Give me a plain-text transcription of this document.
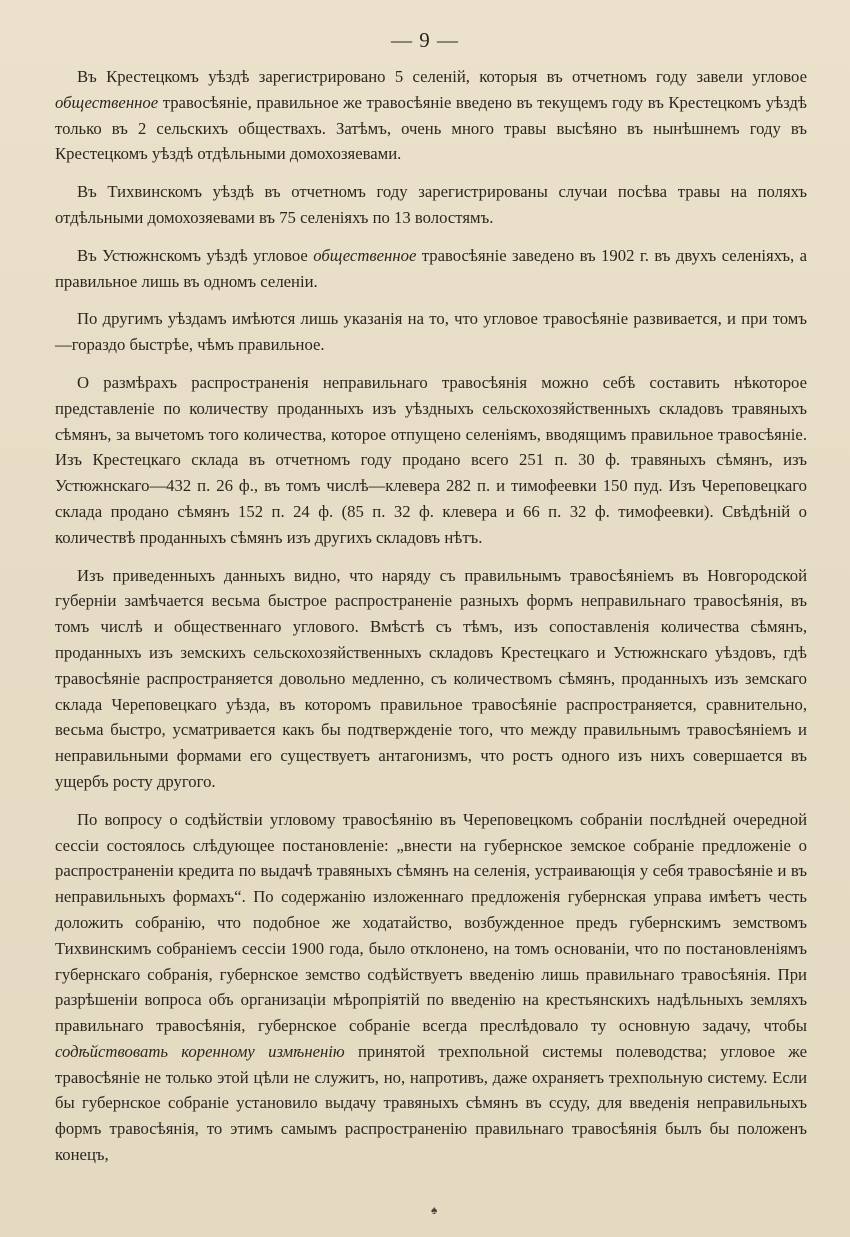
— 9 —

Въ Крестецкомъ уѣздѣ зарегистрировано 5 селеній, которыя въ отчетномъ году завели угловое общественное травосѣяніе, правильное же травосѣяніе введено въ текущемъ году въ Крестецкомъ уѣздѣ только въ 2 сельскихъ обществахъ. Затѣмъ, очень много травы высѣяно въ нынѣшнемъ году въ Крестецкомъ уѣздѣ отдѣльными домохозяевами.

Въ Тихвинскомъ уѣздѣ въ отчетномъ году зарегистрированы случаи посѣва травы на поляхъ отдѣльными домохозяевами въ 75 селеніяхъ по 13 волостямъ.

Въ Устюжнскомъ уѣздѣ угловое общественное травосѣяніе заведено въ 1902 г. въ двухъ селеніяхъ, а правильное лишь въ одномъ селеніи.

По другимъ уѣздамъ имѣются лишь указанія на то, что угловое травосѣяніе развивается, и при томъ—гораздо быстрѣе, чѣмъ правильное.

О размѣрахъ распространенія неправильнаго травосѣянія можно себѣ составить нѣкоторое представленіе по количеству проданныхъ изъ уѣздныхъ сельскохозяйственныхъ складовъ травяныхъ сѣмянъ, за вычетомъ того количества, которое отпущено селеніямъ, вводящимъ правильное травосѣяніе. Изъ Крестецкаго склада въ отчетномъ году продано всего 251 п. 30 ф. травяныхъ сѣмянъ, изъ Устюжнскаго—432 п. 26 ф., въ томъ числѣ—клевера 282 п. и тимофеевки 150 пуд. Изъ Череповецкаго склада продано сѣмянъ 152 п. 24 ф. (85 п. 32 ф. клевера и 66 п. 32 ф. тимофеевки). Свѣдѣній о количествѣ проданныхъ сѣмянъ изъ другихъ складовъ нѣтъ.

Изъ приведенныхъ данныхъ видно, что наряду съ правильнымъ травосѣяніемъ въ Новгородской губерніи замѣчается весьма быстрое распространеніе разныхъ формъ неправильнаго травосѣянія, въ томъ числѣ и общественнаго углового. Вмѣстѣ съ тѣмъ, изъ сопоставленія количества сѣмянъ, проданныхъ изъ земскихъ сельскохозяйственныхъ складовъ Крестецкаго и Устюжнскаго уѣздовъ, гдѣ травосѣяніе распространяется довольно медленно, съ количествомъ сѣмянъ, проданныхъ изъ земскаго склада Череповецкаго уѣзда, въ которомъ правильное травосѣяніе распространяется, сравнительно, весьма быстро, усматривается какъ бы подтвержденіе того, что между правильнымъ травосѣяніемъ и неправильными формами его существуетъ антагонизмъ, что ростъ одного изъ нихъ совершается въ ущербъ росту другого.

По вопросу о содѣйствіи угловому травосѣянію въ Череповецкомъ собраніи послѣдней очередной сессіи состоялось слѣдующее постановленіе: „внести на губернское земское собраніе предложеніе о распространеніи кредита по выдачѣ травяныхъ сѣмянъ на селенія, устраивающія у себя травосѣяніе и въ неправильныхъ формахъ“. По содержанію изложеннаго предложенія губернская управа имѣетъ честь доложить собранію, что подобное же ходатайство, возбужденное предъ губернскимъ земствомъ Тихвинскимъ собраніемъ сессіи 1900 года, было отклонено, на томъ основаніи, что по постановленіямъ губернскаго собранія, губернское земство содѣйствуетъ введенію лишь правильнаго травосѣянія. При разрѣшеніи вопроса объ организаціи мѣропріятій по введенію на крестьянскихъ надѣльныхъ земляхъ правильнаго травосѣянія, губернское собраніе всегда преслѣдовало ту основную задачу, чтобы содѣйствовать коренному измѣненію принятой трехпольной системы полеводства; угловое же травосѣяніе не только этой цѣли не служитъ, но, напротивъ, даже охраняетъ трехпольную систему. Если бы губернское собраніе установило выдачу травяныхъ сѣмянъ въ ссуду, для введенія неправильныхъ формъ травосѣянія, то этимъ самымъ распространенію правильнаго травосѣянія былъ бы положенъ конецъ,

♠
